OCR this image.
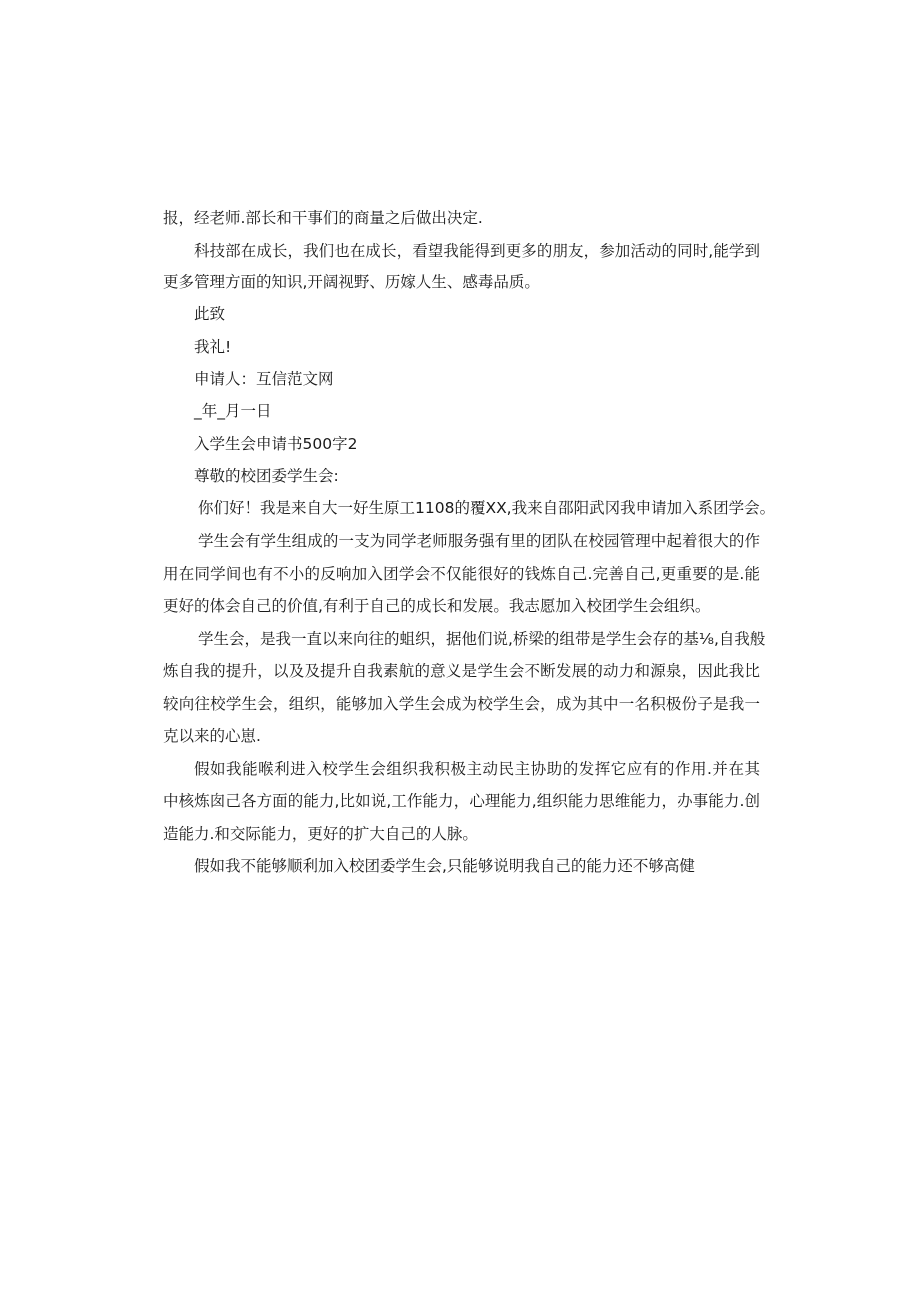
报，经老师.部长和干事们的商量之后做出决定.
科技部在成长，我们也在成长，看望我能得到更多的朋友，参加活动的同时,能学到
更多管理方面的知识,开阔视野、历嫁人生、感毒品质。
此致
我礼!
申请人：互信范文网
_年_月一日
入学生会申请书500字2
尊敬的校团委学生会:
你们好！我是来自大一好生原工1108的覆XX,我来自邵阳武冈我申请加入系团学会。
学生会有学生组成的一支为同学老师服务强有里的团队在校园管理中起着很大的作
用在同学间也有不小的反响加入团学会不仅能很好的钱炼自己.完善自己,更重要的是.能
更好的体会自己的价值,有利于自己的成长和发展。我志愿加入校团学生会组织。
学生会，是我一直以来向往的蛆织，据他们说,桥梁的组带是学生会存的基⅛,自我般
炼自我的提升，以及及提升自我素航的意义是学生会不断发展的动力和源泉，因此我比
较向往校学生会，组织，能够加入学生会成为校学生会，成为其中一名积极份子是我一
克以来的心崽.
假如我能喉利进入校学生会组织我积极主动民主协助的发挥它应有的作用.并在其
中核炼囱己各方面的能力,比如说,工作能力，心理能力,组织能力思维能力，办事能力.创
造能力.和交际能力，更好的扩大自己的人脉。
假如我不能够顺利加入校团委学生会,只能够说明我自己的能力还不够高健
